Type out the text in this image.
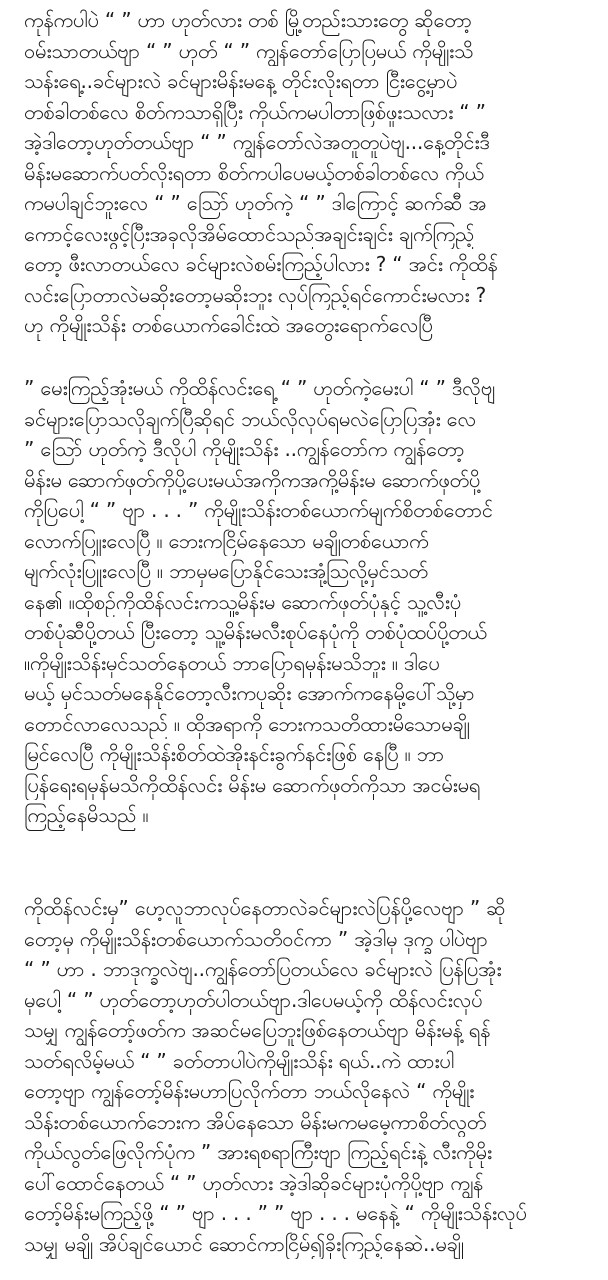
ကုန်ကပါပဲ “ ” ဟာ ဟုတ်လား တစ် မြို့တည်းသားတွေ ဆိုတော့
ဝမ်းသာတယ်ဗျာ “ ” ဟုတ် “ ” ကျွန်တော်ပြောပြမယ် ကိုမျိုးသိ
သန်းရေ့..ခင်များလဲ ခင်များမိန်းမနေ့ တိုင်းလိုးရတာ ငြီးငွေ့မှာပဲ
တစ်ခါတစ်လေ စိတ်ကသာရှိပြီး ကိုယ်ကမပါတာဖြစ်ဖူးသလား “ ”
အဲ့ဒါတော့ဟုတ်တယ်ဗျာ “ ” ကျွန်တော်လဲအတူတူပဲဗျ...နေ့တိုင်းဒီ
မိန်းမဆောက်ပတ်လိုးရတာ စိတ်ကပါပေမယ့်တစ်ခါတစ်လေ ကိုယ်
ကမပါချင်ဘူးလေ “ ” ဩော် ဟုတ်ကဲ့ “ ” ဒါကြောင့် ဆက်ဆီ အ
ကောင့်လေးဖွင့်ပြီးအခုလိုအိမ်ထောင်သည်အချင်းချင်း ချက်ကြည့်
တော့ ဖီးလာတယ်လေ ခင်များလဲစမ်းကြည့်ပါလား ? “ အင်း ကိုထိန်
လင်းပြောတာလဲမဆိုးတော့မဆိုးဘူး လုပ်ကြည့်ရင်ကောင်းမလား ?
ဟု ကိုမျိုးသိန်း တစ်ယောက်ခေါင်းထဲ အတွေးရောက်လေပြီ
” မေးကြည့်အုံးမယ် ကိုထိန်လင်းရေ့ “ ” ဟုတ်ကဲ့မေးပါ “ ” ဒီလိုဗျ
ခင်များပြောသလိုချက်ပြီဆိုရင် ဘယ်လိုလုပ်ရမလဲပြောပြအုံး လေ
” ဩော် ဟုတ်ကဲ့ ဒီလိုပါ ကိုမျိုးသိန်း ..ကျွန်တော်က ကျွန်တော့
မိန်းမ ဆောက်ဖုတ်ကိုပို့ပေးမယ်အကိုကအကို့မိန်းမ ဆောက်ဖုတ်ပို့
ကိုပြပေါ့ “ ” ဗျာ . . . ” ကိုမျိုးသိန်းတစ်ယောက်မျက်စိတစ်တောင်
လောက်ပြူးလေပြီ ။ ဘေးကငြိမ်နေသော မချိုတစ်ယောက်
မျက်လုံးပြူးလေပြီ ။ ဘာမှမပြောနိုင်သေးအုံ့သြလို့မှင်သတ်
နေ၏ ။ထိုစဉ်ကိုထိန်လင်းကသူ့မိန်းမ ဆောက်ဖုတ်ပုံနှင့် သူ့လီးပုံ
တစ်ပုံဆီပို့တယ် ပြီးတော့ သူ့မိန်းမလီးစုပ်နေပုံကို တစ်ပုံထပ်ပို့တယ်
။ကိုမျိုးသိန်းမှင်သတ်နေတယ် ဘာပြောရမှန်းမသိဘူး ။ ဒါပေ
မယ့် မှင်သတ်မနေနိုင်တော့လီးကပုဆိုး အောက်ကနေမို့ပေါ်သို့မှာ
တောင်လာလေသည် ။ ထိုအရာကို ဘေးကသတိထားမိသောမချို
မြင်လေပြီ ကိုမျိုးသိန်းစိတ်ထဲအိုးနင်းခွက်နင်းဖြစ် နေပြီ ။ ဘာ
ပြန်ရေးရမှန်မသိကိုထိန်လင်း မိန်းမ ဆောက်ဖုတ်ကိုသာ အငမ်းမရ
ကြည့်နေမိသည် ။
ကိုထိန်လင်းမှ” ဟေ့လူဘာလုပ်နေတာလဲခင်များလဲပြန်ပို့လေဗျာ ” ဆို
တော့မှ ကိုမျိုးသိန်းတစ်ယောက်သတိဝင်ကာ ” အဲ့ဒါမှ ဒုက္ခ ပါပဲဗျာ
“ ” ဟာ . ဘာဒုက္ခလဲဗျ..ကျွန်တော်ပြတယ်လေ ခင်များလဲ ပြန်ပြအုံး
မှပေါ့ “ ” ဟုတ်တော့ဟုတ်ပါတယ်ဗျာ.ဒါပေမယ့်ကို ထိန်လင်းလုပ်
သမျှ ကျွန်တော့်ဖတ်က အဆင်မပြေဘူးဖြစ်နေတယ်ဗျာ မိန်းမန့် ရန်
သတ်ရလိမ့်မယ် “ ” ခတ်တာပါပဲကိုမျိုးသိန်း ရယ်..ကဲ ထားပါ
တော့ဗျာ ကျွန်တော့်မိန်းမဟာပြလိုက်တာ ဘယ်လိုနေလဲ “ ကိုမျိုး
သိန်းတစ်ယောက်ဘေးက အိပ်နေသော မိန်းမကမမေ့ကာစိတ်လွတ်
ကိုယ်လွတ်ဖြေလိုက်ပုံက ” အားရစရာကြီးဗျာ ကြည့်ရင်းနဲ့ လီးကိုမိုး
ပေါ်ထောင်နေတယ် “ ” ဟုတ်လား အဲ့ဒါဆိုခင်များပုံကိုပို့ဗျာ ကျွန်
တော့်မိန်းမကြည့်ဖို့ “ ” ဗျာ . . . ” ” ဗျာ . . . မနေနဲ့ “ ကိုမျိုးသိန်းလုပ်
သမျှ မချို အိပ်ချင်ယောင် ဆောင်ကာငြိမ်၍ခိုးကြည့်နေဆဲ..မချို
